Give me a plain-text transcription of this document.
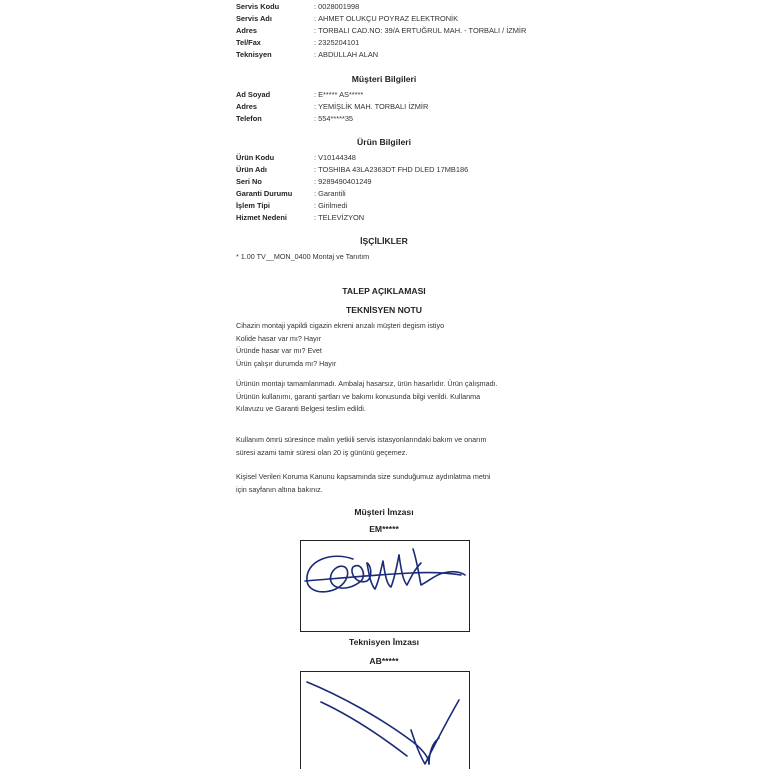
Servis Kodu	: 0028001998
Servis Adı	: AHMET OLUKÇU POYRAZ ELEKTRONİK
Adres	: TORBALI CAD.NO: 39/A ERTUĞRUL MAH. - TORBALI / İZMİR
Tel/Fax	: 2325204101
Teknisyen	: ABDULLAH ALAN
Müşteri Bilgileri
Ad Soyad	: E***** AS*****
Adres	: YEMİŞLİK MAH. TORBALI İZMİR
Telefon	: 554*****35
Ürün Bilgileri
Ürün Kodu	: V10144348
Ürün Adı	: TOSHIBA 43LA2363DT FHD DLED 17MB186
Seri No	: 9289490401249
Garanti Durumu	: Garantili
İşlem Tipi	: Girilmedi
Hizmet Nedeni	: TELEVİZYON
İŞÇİLİKLER
* 1.00 TV__MON_0400 Montaj ve Tanıtım
TALEP AÇIKLAMASI
TEKNİSYEN NOTU
Cihazin montaji yapildi cigazin ekreni arızalı müşteri degism istiyo
Kolide hasar var mı? Hayır
Üründe hasar var mı? Evet
Ürün çalışır durumda mı? Hayır
Ürünün montajı tamamlanmadı. Ambalaj hasarsız, ürün hasarlıdır. Ürün çalışmadı.
Ürünün kullanımı, garanti şartları ve bakımı konusunda bilgi verildi. Kullanma
Kılavuzu ve Garanti Belgesi teslim edildi.
Kullanım ömrü süresince malın yetkili servis istasyonlarındaki bakım ve onarım
süresi azami tamir süresi olan 20 iş gününü geçemez.
Kişisel Verileri Koruma Kanunu kapsamında size sunduğumuz aydınlatma metni
için sayfanın altına bakınız.
Müşteri İmzası
EM*****
Teknisyen İmzası
AB*****
